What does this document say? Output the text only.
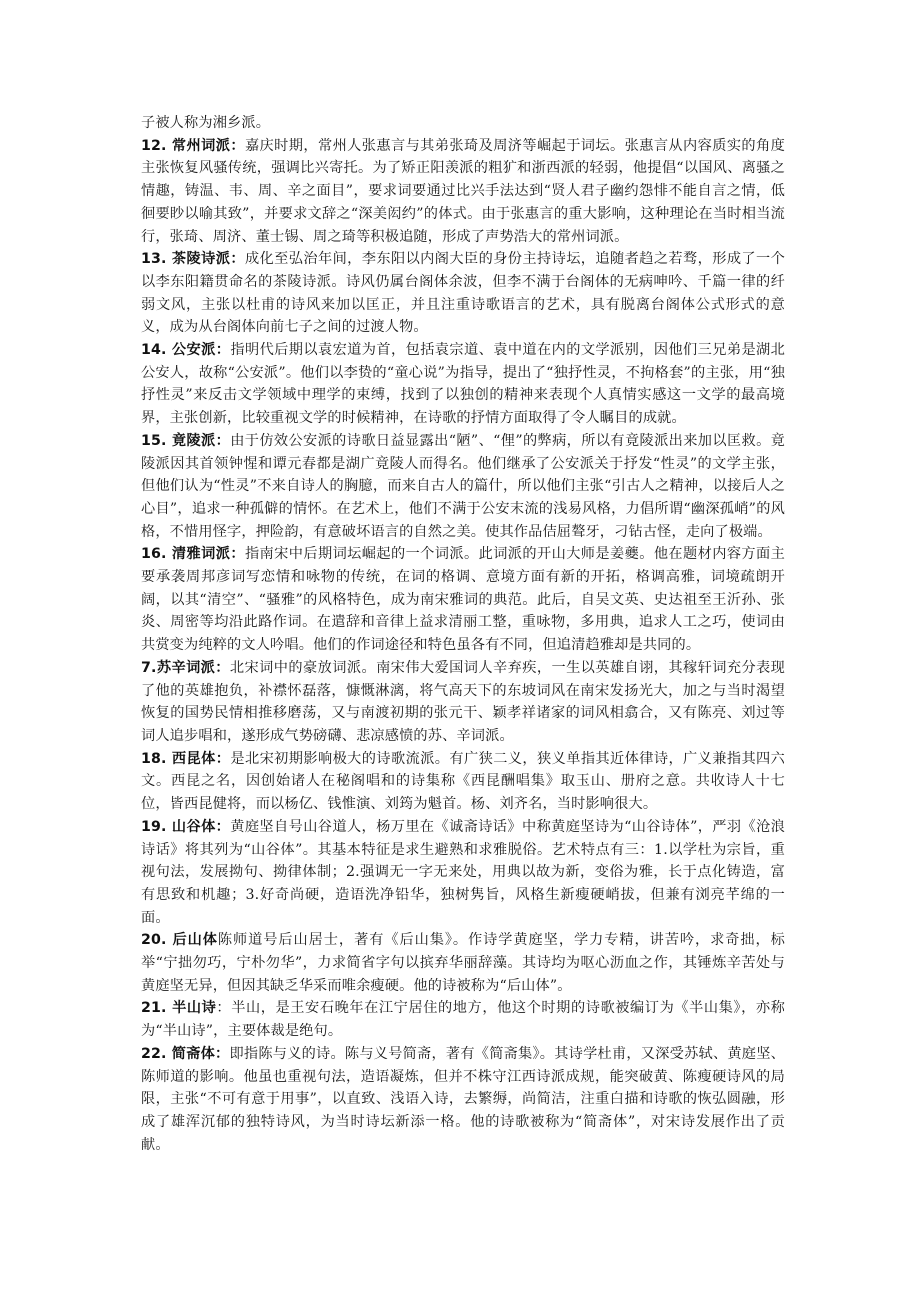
子被人称为湘乡派。

12. 常州词派：嘉庆时期，常州人张惠言与其弟张琦及周济等崛起于词坛。张惠言从内容质实的角度主张恢复风骚传统，强调比兴寄托。为了矫正阳羡派的粗犷和浙西派的轻弱，他提倡“以国风、离骚之情趣，铸温、韦、周、辛之面目”，要求词要通过比兴手法达到“贤人君子幽约怨悱不能自言之情，低徊要眇以喻其致”，并要求文辞之“深美闳约”的体式。由于张惠言的重大影响，这种理论在当时相当流行，张琦、周济、董士锡、周之琦等积极追随，形成了声势浩大的常州词派。

13. 茶陵诗派：成化至弘治年间，李东阳以内阁大臣的身份主持诗坛，追随者趋之若骛，形成了一个以李东阳籍贯命名的茶陵诗派。诗风仍属台阁体余波，但李不满于台阁体的无病呻吟、千篇一律的纤弱文风，主张以杜甫的诗风来加以匡正，并且注重诗歌语言的艺术，具有脱离台阁体公式形式的意义，成为从台阁体向前七子之间的过渡人物。

14. 公安派：指明代后期以袁宏道为首，包括袁宗道、袁中道在内的文学派别，因他们三兄弟是湖北公安人，故称“公安派”。他们以李贽的“童心说”为指导，提出了“独抒性灵，不拘格套”的主张，用“独抒性灵”来反击文学领域中理学的束缚，找到了以独创的精神来表现个人真情实感这一文学的最高境界，主张创新，比较重视文学的时候精神，在诗歌的抒情方面取得了令人瞩目的成就。

15. 竟陵派：由于仿效公安派的诗歌日益显露出“陋”、“俚”的弊病，所以有竟陵派出来加以匡救。竟陵派因其首领钟惺和谭元春都是湖广竟陵人而得名。他们继承了公安派关于抒发“性灵”的文学主张，但他们认为“性灵”不来自诗人的胸臆，而来自古人的篇什，所以他们主张“引古人之精神，以接后人之心目”，追求一种孤僻的情怀。在艺术上，他们不满于公安末流的浅易风格，力倡所谓“幽深孤峭”的风格，不惜用怪字，押险韵，有意破坏语言的自然之美。使其作品佶屈聱牙，刁钻古怪，走向了极端。

16. 清雅词派：指南宋中后期词坛崛起的一个词派。此词派的开山大师是姜夔。他在题材内容方面主要承袭周邦彦词写恋情和咏物的传统，在词的格调、意境方面有新的开拓，格调高雅，词境疏朗开阔，以其“清空”、“骚雅”的风格特色，成为南宋雅词的典范。此后，自吴文英、史达祖至王沂孙、张炎、周密等均沿此路作词。在遣辞和音律上益求清丽工整，重咏物，多用典，追求人工之巧，使词由共赏变为纯粹的文人吟唱。他们的作词途径和特色虽各有不同，但追清趋雅却是共同的。

7.苏辛词派：北宋词中的豪放词派。南宋伟大爱国词人辛弃疾，一生以英雄自诩，其稼轩词充分表现了他的英雄抱负，补襟怀磊落，慷慨淋漓，将气高天下的东坡词风在南宋发扬光大，加之与当时渴望恢复的国势民情相推移磨荡，又与南渡初期的张元干、颖孝祥诸家的词风相翕合，又有陈亮、刘过等词人追步唱和，遂形成气势磅礴、悲凉感愤的苏、辛词派。

18. 西昆体：是北宋初期影响极大的诗歌流派。有广狭二义，狭义单指其近体律诗，广义兼指其四六文。西昆之名，因创始诸人在秘阁唱和的诗集称《西昆酬唱集》取玉山、册府之意。共收诗人十七位，皆西昆健将，而以杨亿、钱惟演、刘筠为魁首。杨、刘齐名，当时影响很大。

19. 山谷体：黄庭坚自号山谷道人，杨万里在《诚斋诗话》中称黄庭坚诗为“山谷诗体”，严羽《沧浪诗话》将其列为“山谷体”。其基本特征是求生避熟和求雅脱俗。艺术特点有三：1.以学杜为宗旨，重视句法，发展拗句、拗律体制；2.强调无一字无来处，用典以故为新，变俗为雅，长于点化铸造，富有思致和机趣；3.好奇尚硬，造语洗净铅华，独树隽旨，风格生新瘦硬峭拔，但兼有浏亮芊绵的一面。

20. 后山体陈师道号后山居士，著有《后山集》。作诗学黄庭坚，学力专精，讲苦吟，求奇拙，标举“宁拙勿巧，宁朴勿华”，力求简省字句以摈弃华丽辞藻。其诗均为呕心沥血之作，其锤炼辛苦处与黄庭坚无异，但因其缺乏华采而唯余瘦硬。他的诗被称为“后山体”。

21. 半山诗：半山，是王安石晚年在江宁居住的地方，他这个时期的诗歌被编订为《半山集》，亦称为“半山诗”，主要体裁是绝句。

22. 简斋体：即指陈与义的诗。陈与义号简斋，著有《简斋集》。其诗学杜甫，又深受苏轼、黄庭坚、陈师道的影响。他虽也重视句法，造语凝炼，但并不株守江西诗派成规，能突破黄、陈瘦硬诗风的局限，主张“不可有意于用事”，以直致、浅语入诗，去繁缛，尚简洁，注重白描和诗歌的恢弘圆融，形成了雄浑沉郁的独特诗风，为当时诗坛新添一格。他的诗歌被称为“简斋体”，对宋诗发展作出了贡献。
